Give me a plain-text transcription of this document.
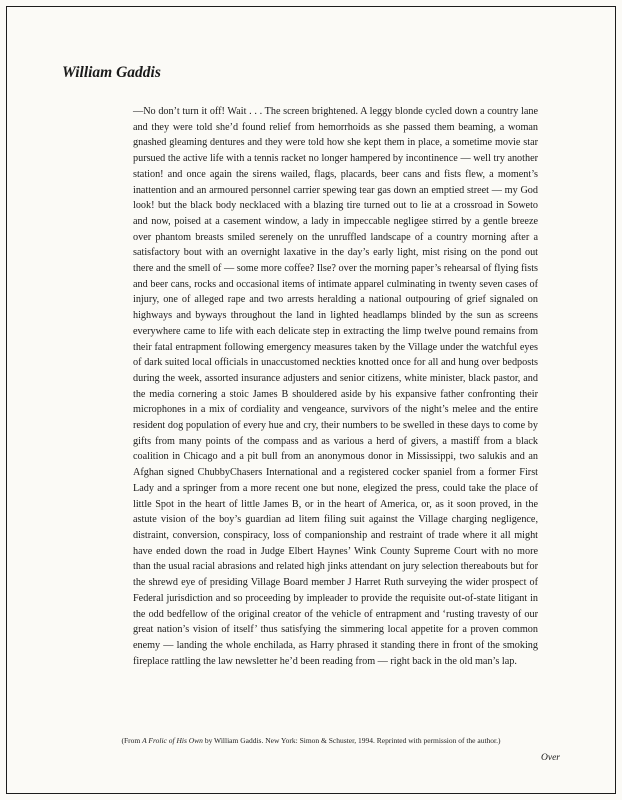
William Gaddis

—No don’t turn it off! Wait . . . The screen brightened. A leggy blonde cycled down a country lane and they were told she’d found relief from hemorrhoids as she passed them beaming, a woman gnashed gleaming dentures and they were told how she kept them in place, a sometime movie star pursued the active life with a tennis racket no longer hampered by incontinence — well try another station! and once again the sirens wailed, flags, placards, beer cans and fists flew, a moment’s inattention and an armoured personnel carrier spewing tear gas down an emptied street — my God look! but the black body necklaced with a blazing tire turned out to lie at a crossroad in Soweto and now, poised at a casement window, a lady in impeccable negligee stirred by a gentle breeze over phantom breasts smiled serenely on the unruffled landscape of a country morning after a satisfactory bout with an overnight laxative in the day’s early light, mist rising on the pond out there and the smell of — some more coffee? Ilse? over the morning paper’s rehearsal of flying fists and beer cans, rocks and occasional items of intimate apparel culminating in twenty seven cases of injury, one of alleged rape and two arrests heralding a national outpouring of grief signaled on highways and byways throughout the land in lighted headlamps blinded by the sun as screens everywhere came to life with each delicate step in extracting the limp twelve pound remains from their fatal entrapment following emergency measures taken by the Village under the watchful eyes of dark suited local officials in unaccustomed neckties knotted once for all and hung over bedposts during the week, assorted insurance adjusters and senior citizens, white minister, black pastor, and the media cornering a stoic James B shouldered aside by his expansive father confronting their microphones in a mix of cordiality and vengeance, survivors of the night’s melee and the entire resident dog population of every hue and cry, their numbers to be swelled in these days to come by gifts from many points of the compass and as various a herd of givers, a mastiff from a black coalition in Chicago and a pit bull from an anonymous donor in Mississippi, two salukis and an Afghan signed ChubbyChasers International and a registered cocker spaniel from a former First Lady and a springer from a more recent one but none, elegized the press, could take the place of little Spot in the heart of little James B, or in the heart of America, or, as it soon proved, in the astute vision of the boy’s guardian ad litem filing suit against the Village charging negligence, distraint, conversion, conspiracy, loss of companionship and restraint of trade where it all might have ended down the road in Judge Elbert Haynes’ Wink County Supreme Court with no more than the usual racial abrasions and related high jinks attendant on jury selection thereabouts but for the shrewd eye of presiding Village Board member J Harret Ruth surveying the wider prospect of Federal jurisdiction and so proceeding by impleader to provide the requisite out-of-state litigant in the odd bedfellow of the original creator of the vehicle of entrapment and ‘rusting travesty of our great nation’s vision of itself’ thus satisfying the simmering local appetite for a proven common enemy — landing the whole enchilada, as Harry phrased it standing there in front of the smoking fireplace rattling the law newsletter he’d been reading from — right back in the old man’s lap.

(From A Frolic of His Own by William Gaddis. New York: Simon & Schuster, 1994. Reprinted with permission of the author.)

Over
